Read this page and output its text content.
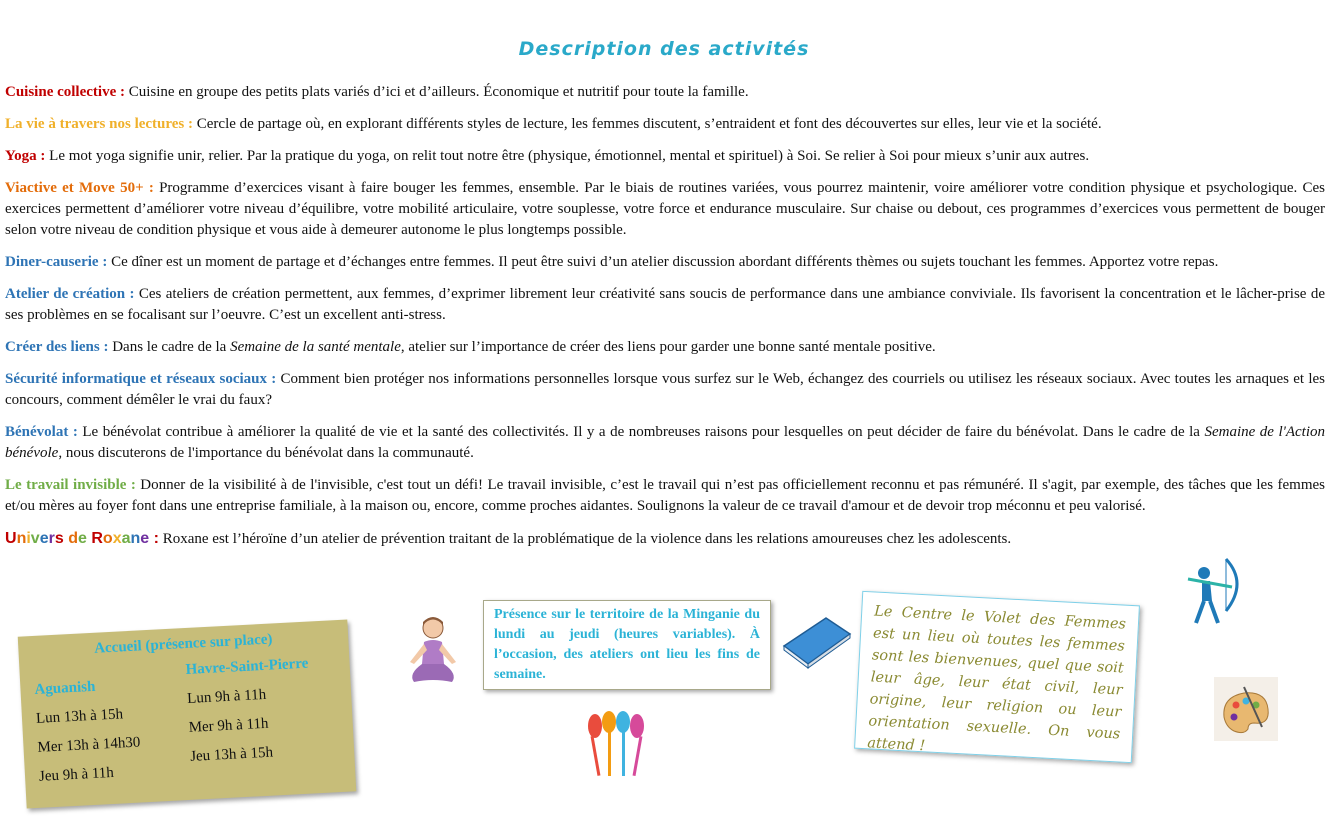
Description des activités

Cuisine collective : Cuisine en groupe des petits plats variés d’ici et d’ailleurs. Économique et nutritif pour toute la famille.

La vie à travers nos lectures : Cercle de partage où, en explorant différents styles de lecture, les femmes discutent, s’entraident et font des découvertes sur elles, leur vie et la société.

Yoga : Le mot yoga signifie unir, relier. Par la pratique du yoga, on relit tout notre être (physique, émotionnel, mental et spirituel) à Soi. Se relier à Soi pour mieux s’unir aux autres.

Viactive et Move 50+ : Programme d’exercices visant à faire bouger les femmes, ensemble. Par le biais de routines variées, vous pourrez maintenir, voire améliorer votre condition physique et psychologique. Ces exercices permettent d’améliorer votre niveau d’équilibre, votre mobilité articulaire, votre souplesse, votre force et endurance musculaire. Sur chaise ou debout, ces programmes d’exercices vous permettent de bouger selon votre niveau de condition physique et vous aide à demeurer autonome le plus longtemps possible.

Diner-causerie : Ce dîner est un moment de partage et d’échanges entre femmes. Il peut être suivi d’un atelier discussion abordant différents thèmes ou sujets touchant les femmes. Apportez votre repas.

Atelier de création : Ces ateliers de création permettent, aux femmes, d’exprimer librement leur créativité sans soucis de performance dans une ambiance conviviale. Ils favorisent la concentration et le lâcher-prise de ses problèmes en se focalisant sur l’oeuvre. C’est un excellent anti-stress.

Créer des liens : Dans le cadre de la Semaine de la santé mentale, atelier sur l’importance de créer des liens pour garder une bonne santé mentale positive.

Sécurité informatique et réseaux sociaux : Comment bien protéger nos informations personnelles lorsque vous surfez sur le Web, échangez des courriels ou utilisez les réseaux sociaux. Avec toutes les arnaques et les concours, comment démêler le vrai du faux?

Bénévolat : Le bénévolat contribue à améliorer la qualité de vie et la santé des collectivités. Il y a de nombreuses raisons pour lesquelles on peut décider de faire du bénévolat. Dans le cadre de la Semaine de l'Action bénévole, nous discuterons de l'importance du bénévolat dans la communauté.

Le travail invisible : Donner de la visibilité à de l'invisible, c'est tout un défi! Le travail invisible, c’est le travail qui n’est pas officiellement reconnu et pas rémunéré. Il s'agit, par exemple, des tâches que les femmes et/ou mères au foyer font dans une entreprise familiale, à la maison ou, encore, comme proches aidantes. Soulignons la valeur de ce travail d'amour et de devoir trop méconnu et peu valorisé.

Univers de Roxane : Roxane est l’héroïne d’un atelier de prévention traitant de la problématique de la violence dans les relations amoureuses chez les adolescents.

Accueil (présence sur place)
Aguanish
Lun 13h à 15h
Mer 13h à 14h30
Jeu 9h à 11h
Havre-Saint-Pierre
Lun 9h à 11h
Mer 9h à 11h
Jeu 13h à 15h
Présence sur le territoire de la Minganie du lundi au jeudi (heures variables). À l’occasion, des ateliers ont lieu les fins de semaine.
Le Centre le Volet des Femmes est un lieu où toutes les femmes sont les bienvenues, quel que soit leur âge, leur état civil, leur origine, leur religion ou leur orientation sexuelle. On vous attend !
